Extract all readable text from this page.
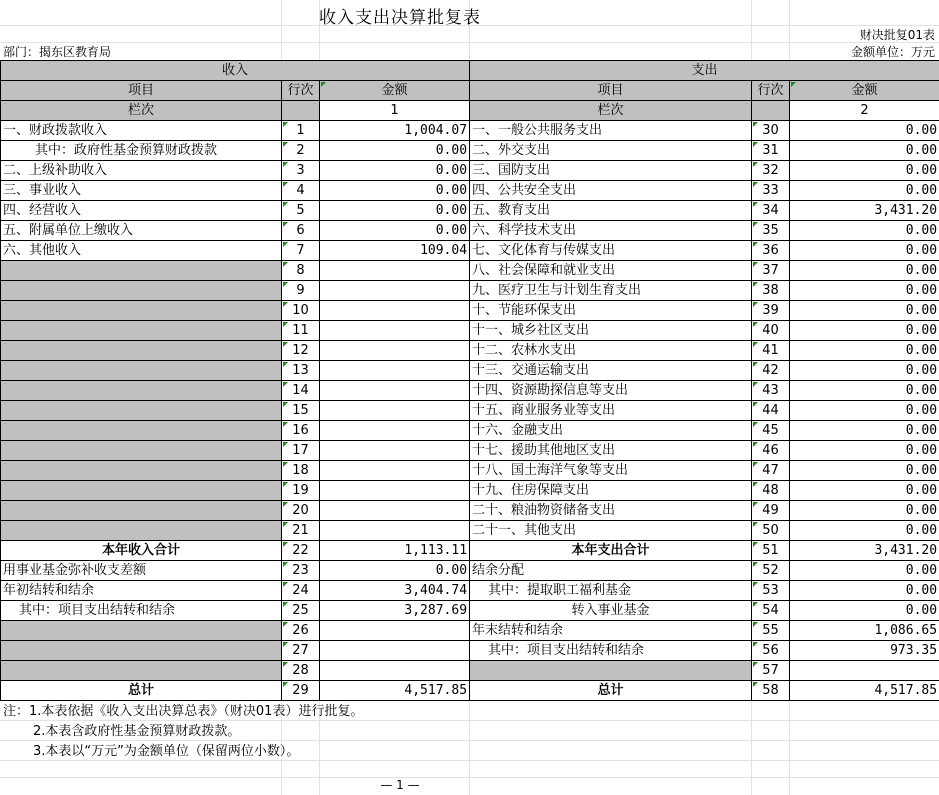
收入支出决算批复表
财决批复01表
部门：揭东区教育局	金额单位：万元
收入			支出		
项目	行次	金额	项目	行次	金额
栏次		1	栏次		2
一、财政拨款收入	1	1,004.07	一、一般公共服务支出	30	0.00
其中：政府性基金预算财政拨款	2	0.00	二、外交支出	31	0.00
二、上级补助收入	3	0.00	三、国防支出	32	0.00
三、事业收入	4	0.00	四、公共安全支出	33	0.00
四、经营收入	5	0.00	五、教育支出	34	3,431.20
五、附属单位上缴收入	6	0.00	六、科学技术支出	35	0.00
六、其他收入	7	109.04	七、文化体育与传媒支出	36	0.00
	8		八、社会保障和就业支出	37	0.00
	9		九、医疗卫生与计划生育支出	38	0.00
	10		十、节能环保支出	39	0.00
	11		十一、城乡社区支出	40	0.00
	12		十二、农林水支出	41	0.00
	13		十三、交通运输支出	42	0.00
	14		十四、资源勘探信息等支出	43	0.00
	15		十五、商业服务业等支出	44	0.00
	16		十六、金融支出	45	0.00
	17		十七、援助其他地区支出	46	0.00
	18		十八、国土海洋气象等支出	47	0.00
	19		十九、住房保障支出	48	0.00
	20		二十、粮油物资储备支出	49	0.00
	21		二十一、其他支出	50	0.00
本年收入合计	22	1,113.11	本年支出合计	51	3,431.20
用事业基金弥补收支差额	23	0.00	结余分配	52	0.00
年初结转和结余	24	3,404.74	其中：提取职工福利基金	53	0.00
其中：项目支出结转和结余	25	3,287.69	转入事业基金	54	0.00
	26		年末结转和结余	55	1,086.65
	27		其中：项目支出结转和结余	56	973.35
	28			57	
总计	29	4,517.85	总计	58	4,517.85
注：1.本表依据《收入支出决算总表》（财决01表）进行批复。
2.本表含政府性基金预算财政拨款。
3.本表以“万元”为金额单位（保留两位小数）。
— 1 —
